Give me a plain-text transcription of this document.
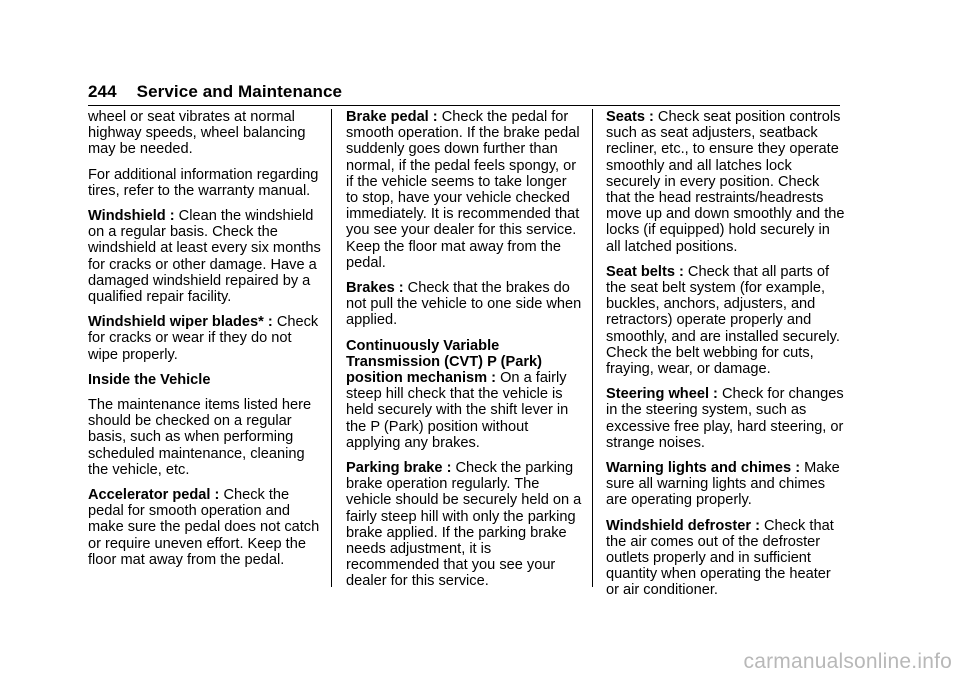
244 Service and Maintenance

wheel or seat vibrates at normal highway speeds, wheel balancing may be needed.

For additional information regarding tires, refer to the warranty manual.

Windshield : Clean the windshield on a regular basis. Check the windshield at least every six months for cracks or other damage. Have a damaged windshield repaired by a qualified repair facility.

Windshield wiper blades* : Check for cracks or wear if they do not wipe properly.

Inside the Vehicle

The maintenance items listed here should be checked on a regular basis, such as when performing scheduled maintenance, cleaning the vehicle, etc.

Accelerator pedal : Check the pedal for smooth operation and make sure the pedal does not catch or require uneven effort. Keep the floor mat away from the pedal.

Brake pedal : Check the pedal for smooth operation. If the brake pedal suddenly goes down further than normal, if the pedal feels spongy, or if the vehicle seems to take longer to stop, have your vehicle checked immediately. It is recommended that you see your dealer for this service. Keep the floor mat away from the pedal.

Brakes : Check that the brakes do not pull the vehicle to one side when applied.

Continuously Variable Transmission (CVT) P (Park) position mechanism : On a fairly steep hill check that the vehicle is held securely with the shift lever in the P (Park) position without applying any brakes.

Parking brake : Check the parking brake operation regularly. The vehicle should be securely held on a fairly steep hill with only the parking brake applied. If the parking brake needs adjustment, it is recommended that you see your dealer for this service.

Seats : Check seat position controls such as seat adjusters, seatback recliner, etc., to ensure they operate smoothly and all latches lock securely in every position. Check that the head restraints/headrests move up and down smoothly and the locks (if equipped) hold securely in all latched positions.

Seat belts : Check that all parts of the seat belt system (for example, buckles, anchors, adjusters, and retractors) operate properly and smoothly, and are installed securely. Check the belt webbing for cuts, fraying, wear, or damage.

Steering wheel : Check for changes in the steering system, such as excessive free play, hard steering, or strange noises.

Warning lights and chimes : Make sure all warning lights and chimes are operating properly.

Windshield defroster : Check that the air comes out of the defroster outlets properly and in sufficient quantity when operating the heater or air conditioner.

carmanualsonline.info
